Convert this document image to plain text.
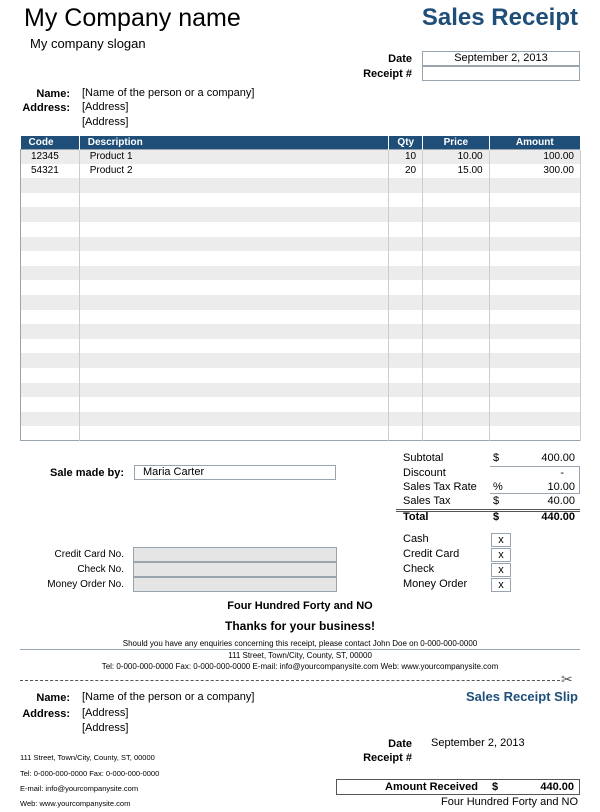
My Company name
My company slogan
Sales Receipt
Date	September 2, 2013
Receipt #
Name: [Name of the person or a company]
Address: [Address]
[Address]
Code	Description	Qty	Price	Amount
12345	Product 1	10	10.00	100.00
54321	Product 2	20	15.00	300.00

Sale made by:	Maria Carter
Subtotal	$	400.00
Discount	-
Sales Tax Rate %	10.00
Sales Tax	$	40.00
Total	$	440.00
Cash	x
Credit Card	x
Check	x
Money Order	x
Credit Card No.
Check No.
Money Order No.
Four Hundred Forty and NO
Thanks for your business!
Should you have any enquiries concerning this receipt, please contact John Doe on 0-000-000-0000
111 Street, Town/City, County, ST, 00000
Tel: 0-000-000-0000 Fax: 0-000-000-0000 E-mail: info@yourcompanysite.com Web: www.yourcompanysite.com
✂
Sales Receipt Slip
Name: [Name of the person or a company]
Address: [Address]
[Address]
111 Street, Town/City, County, ST, 00000
Tel: 0-000-000-0000 Fax: 0-000-000-0000
E-mail: info@yourcompanysite.com
Web: www.yourcompanysite.com
Date September 2, 2013
Receipt #
Amount Received $	440.00
Four Hundred Forty and NO
